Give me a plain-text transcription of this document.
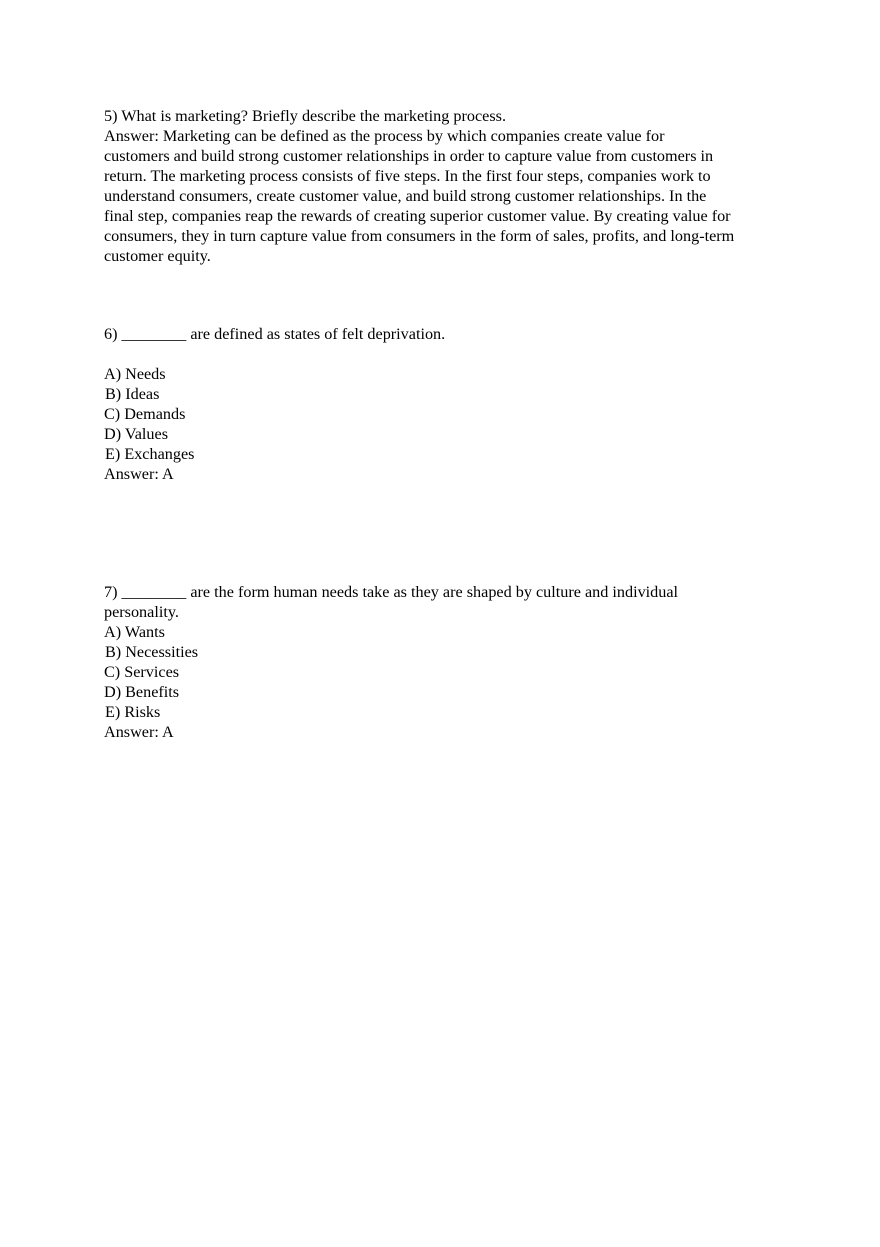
5) What is marketing? Briefly describe the marketing process.
Answer: Marketing can be defined as the process by which companies create value for
customers and build strong customer relationships in order to capture value from customers in
return. The marketing process consists of five steps. In the first four steps, companies work to
understand consumers, create customer value, and build strong customer relationships. In the
final step, companies reap the rewards of creating superior customer value. By creating value for
consumers, they in turn capture value from consumers in the form of sales, profits, and long-term
customer equity.
6) ________ are defined as states of felt deprivation.
A) Needs
B) Ideas
C) Demands
D) Values
E) Exchanges
Answer: A
7) ________ are the form human needs take as they are shaped by culture and individual
personality.
A) Wants
B) Necessities
C) Services
D) Benefits
E) Risks
Answer: A
